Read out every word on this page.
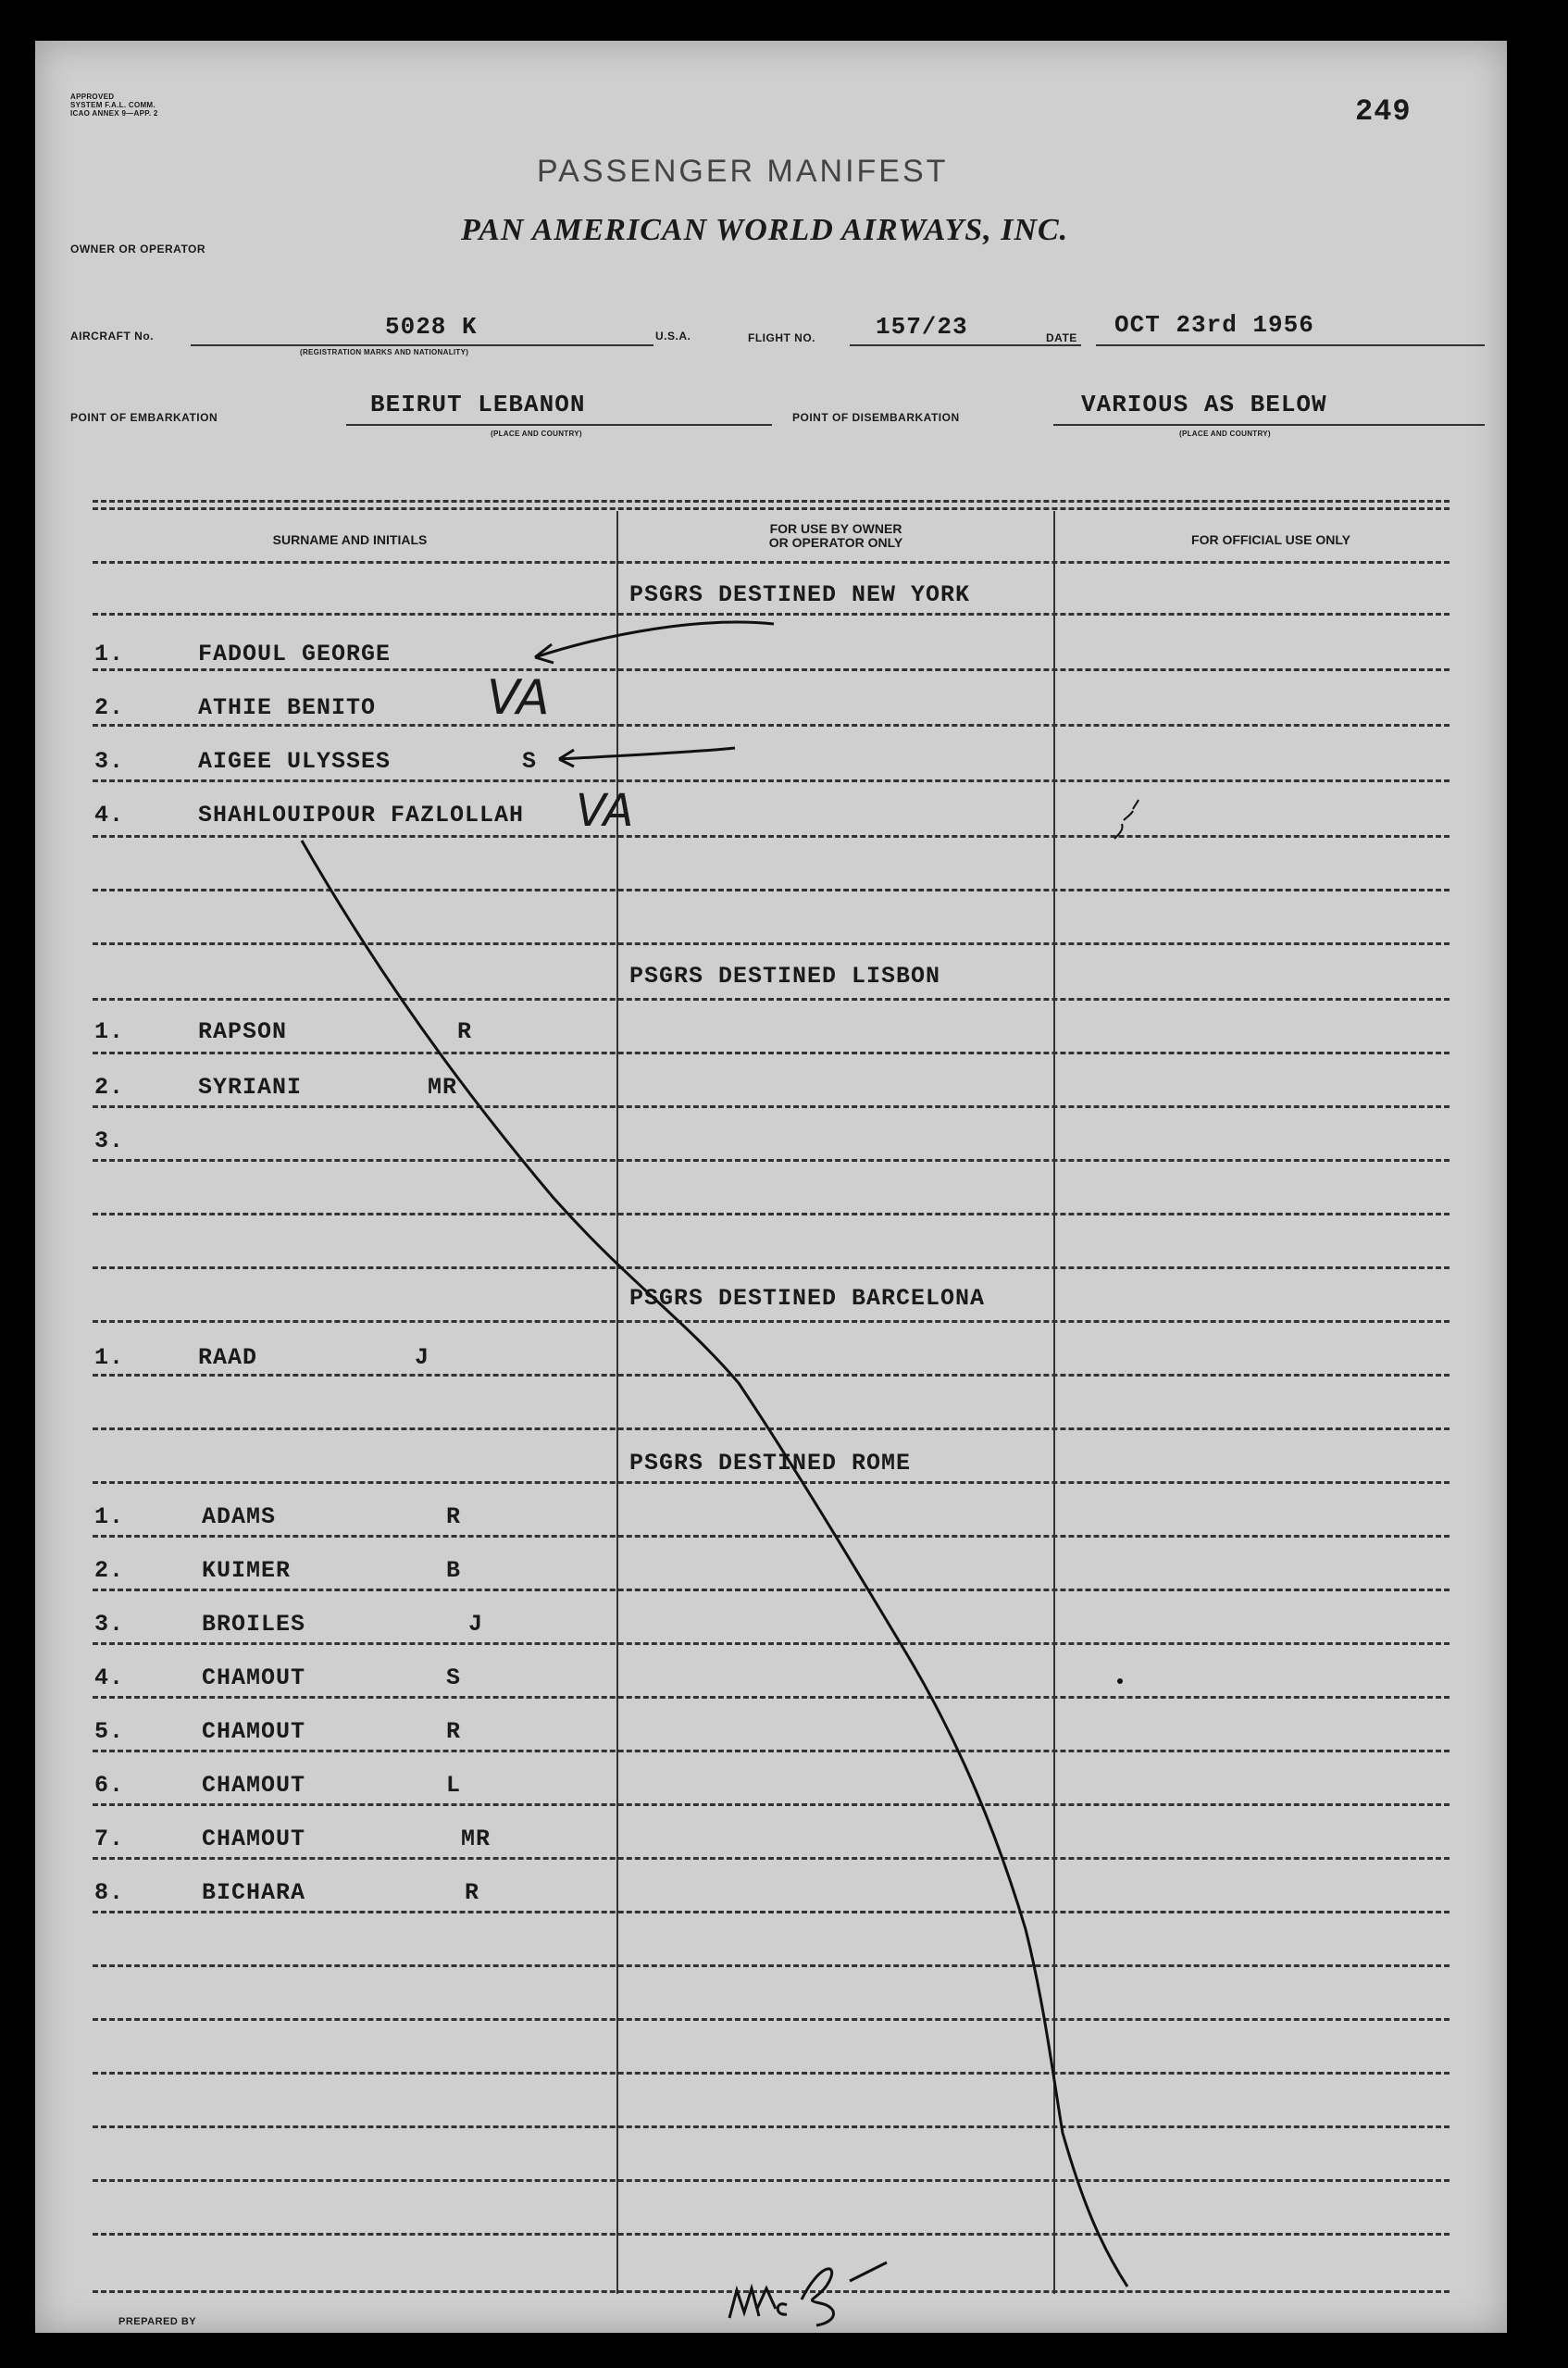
249
APPROVED
SYSTEM F.A.L. COMM.
ICAO ANNEX 9—APP. 2
PASSENGER MANIFEST
OWNER OR OPERATOR
PAN AMERICAN WORLD AIRWAYS, INC.
AIRCRAFT No.	5028 K
(REGISTRATION MARKS AND NATIONALITY)
U.S.A.	FLIGHT NO.	157/23	DATE OCT 23rd 1956
POINT OF EMBARKATION	BEIRUT LEBANON
(PLACE AND COUNTRY)
POINT OF DISEMBARKATION	VARIOUS AS BELOW
(PLACE AND COUNTRY)
SURNAME AND INITIALS
FOR USE BY OWNER
OR OPERATOR ONLY	FOR OFFICIAL USE ONLY
PSGRS DESTINED NEW YORK
1.	FADOUL GEORGE
2.	ATHIE BENITO
3.	AIGEE ULYSSES	S
4.	SHAHLOUIPOUR FAZLOLLAH
PSGRS DESTINED LISBON
1.	RAPSON	R
2.	SYRIANI	MR
3.
PSGRS DESTINED BARCELONA
1.	RAAD	J
PSGRS DESTINED ROME
1.	ADAMS	R
2.	KUIMER	B
3.	BROILES	J
4.	CHAMOUT	S
5.	CHAMOUT	R
6.	CHAMOUT	L
7.	CHAMOUT	MR
8.	BICHARA	R
VA
VA
PREPARED BY
